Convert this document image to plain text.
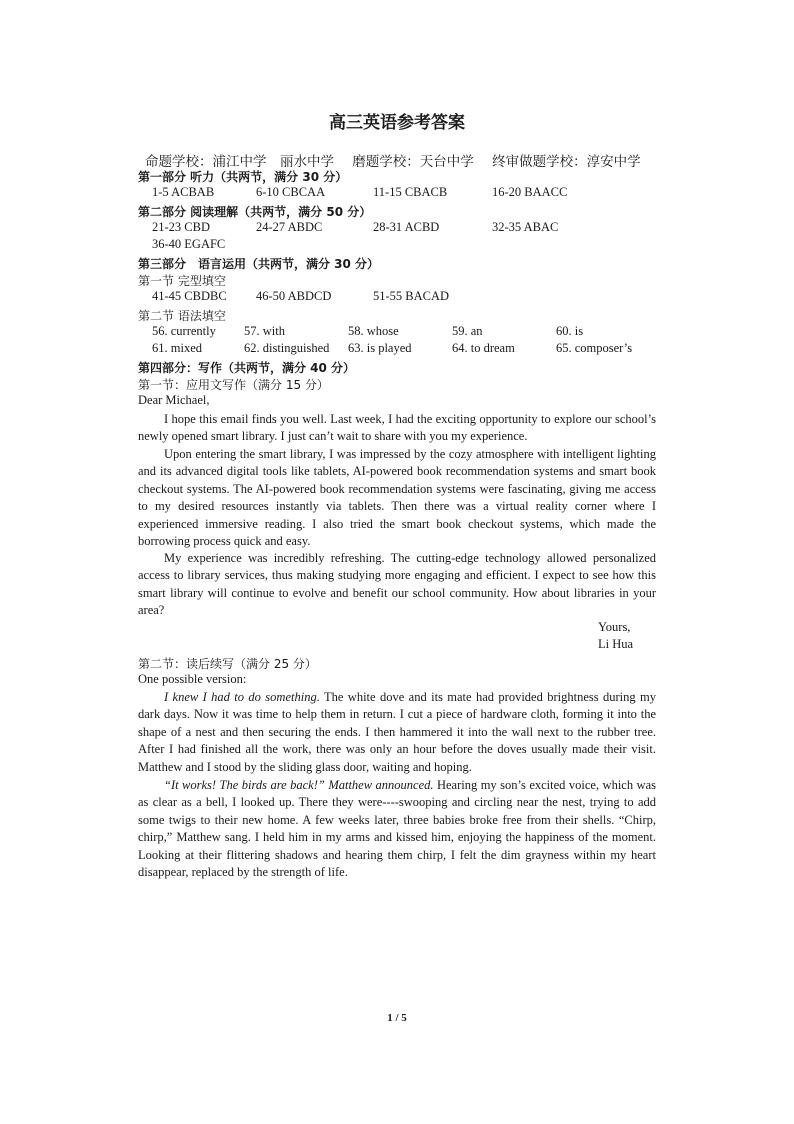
高三英语参考答案
命题学校：浦江中学　丽水中学 磨题学校：天台中学 终审做题学校：淳安中学
第一部分 听力（共两节，满分 30 分）
1-5 ACBAB	6-10 CBCAA	11-15 CBACB	16-20 BAACC
第二部分 阅读理解（共两节，满分 50 分）
21-23 CBD	24-27 ABDC	28-31 ACBD	32-35 ABAC
36-40 EGAFC
第三部分　语言运用（共两节，满分 30 分）
第一节 完型填空
41-45 CBDBC 46-50 ABDCD	51-55 BACAD
第二节 语法填空
56. currently 57. with	58. whose	59. an	60. is
61. mixed	62. distinguished 63. is played	64. to dream	65. composer’s
第四部分：写作（共两节，满分 40 分）
第一节：应用文写作（满分 15 分）
Dear Michael,

I hope this email finds you well. Last week, I had the exciting opportunity to explore our school’s newly opened smart library. I just can’t wait to share with you my experience.

Upon entering the smart library, I was impressed by the cozy atmosphere with intelligent lighting and its advanced digital tools like tablets, AI-powered book recommendation systems and smart book checkout systems. The AI-powered book recommendation systems were fascinating, giving me access to my desired resources instantly via tablets. Then there was a virtual reality corner where I experienced immersive reading. I also tried the smart book checkout systems, which made the borrowing process quick and easy.

My experience was incredibly refreshing. The cutting-edge technology allowed personalized access to library services, thus making studying more engaging and efficient. I expect to see how this smart library will continue to evolve and benefit our school community. How about libraries in your area?

Yours,
Li Hua
第二节：读后续写（满分 25 分）
One possible version:

I knew I had to do something. The white dove and its mate had provided brightness during my dark days. Now it was time to help them in return. I cut a piece of hardware cloth, forming it into the shape of a nest and then securing the ends. I then hammered it into the wall next to the rubber tree. After I had finished all the work, there was only an hour before the doves usually made their visit. Matthew and I stood by the sliding glass door, waiting and hoping.

“It works! The birds are back!” Matthew announced. Hearing my son’s excited voice, which was as clear as a bell, I looked up. There they were----swooping and circling near the nest, trying to add some twigs to their new home. A few weeks later, three babies broke free from their shells. “Chirp, chirp,” Matthew sang. I held him in my arms and kissed him, enjoying the happiness of the moment. Looking at their flittering shadows and hearing them chirp, I felt the dim grayness within my heart disappear, replaced by the strength of life.

1 / 5
